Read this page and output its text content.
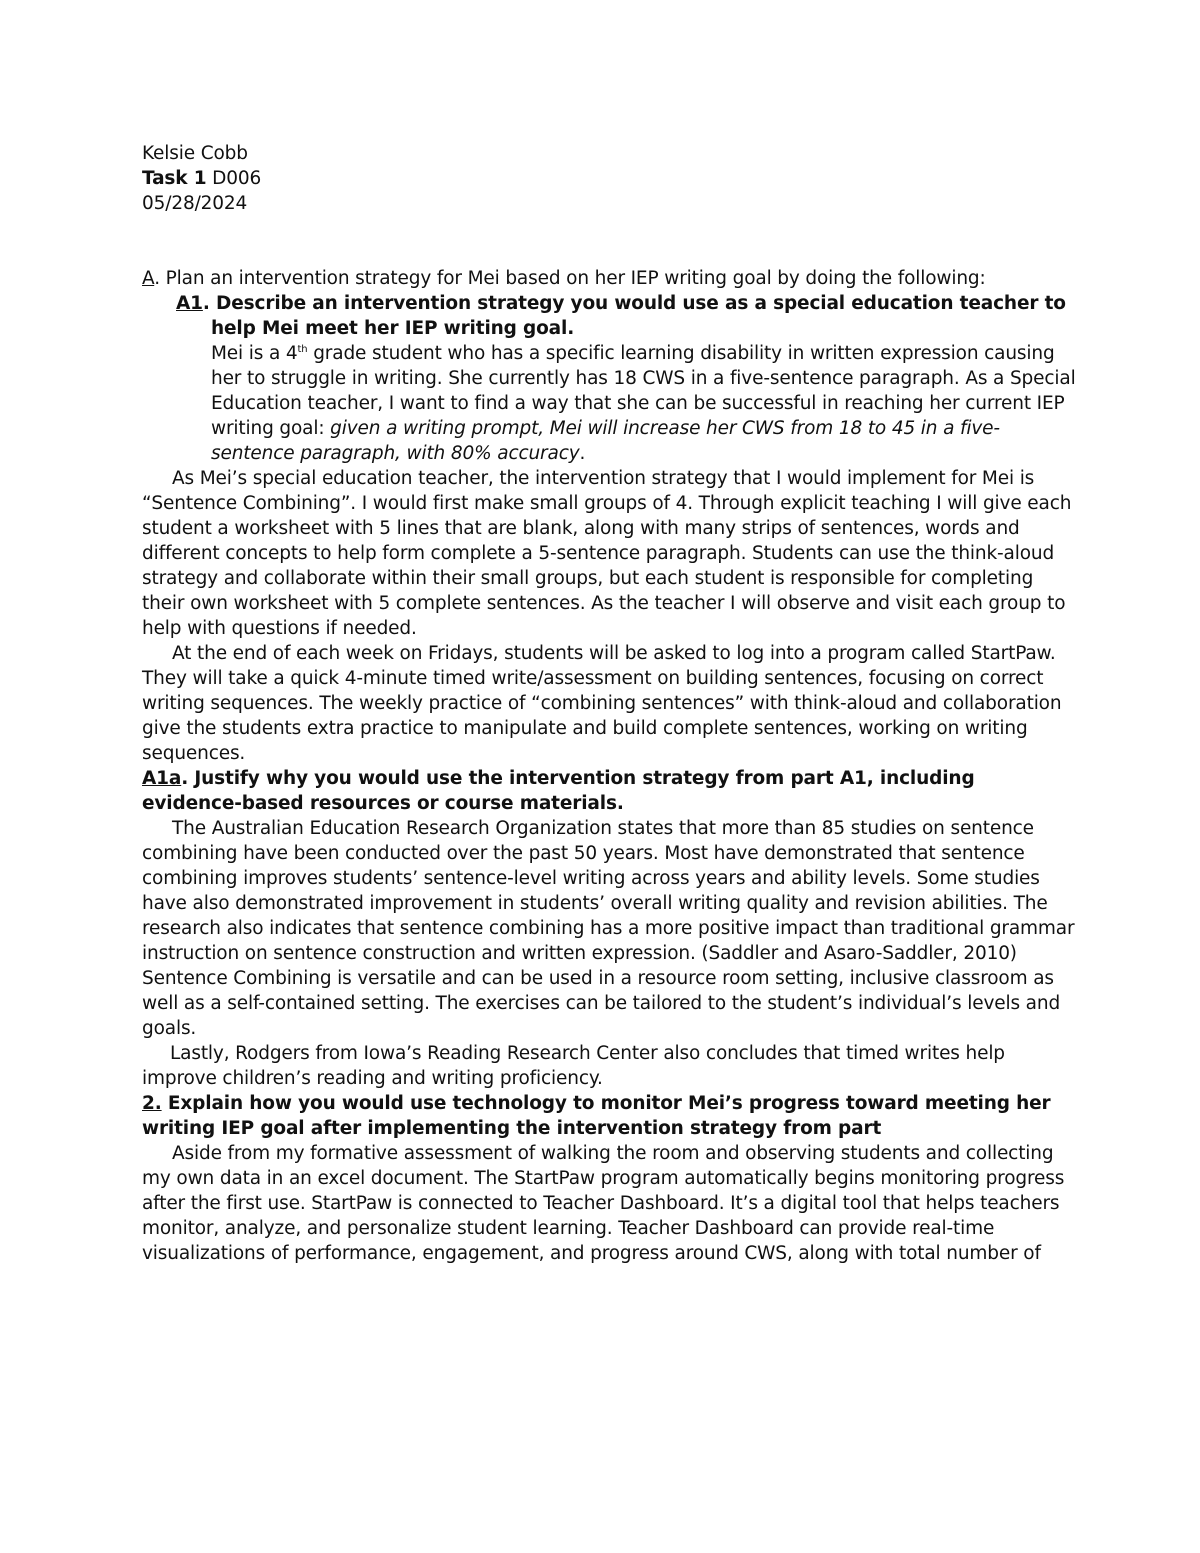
Kelsie Cobb

Task 1 D006

05/28/2024

A. Plan an intervention strategy for Mei based on her IEP writing goal by doing the following:

A1. Describe an intervention strategy you would use as a special education teacher to help Mei meet her IEP writing goal.

Mei is a 4th grade student who has a specific learning disability in written expression causing her to struggle in writing. She currently has 18 CWS in a five-sentence paragraph. As a Special Education teacher, I want to find a way that she can be successful in reaching her current IEP writing goal: given a writing prompt, Mei will increase her CWS from 18 to 45 in a five-sentence paragraph, with 80% accuracy.

As Mei’s special education teacher, the intervention strategy that I would implement for Mei is “Sentence Combining”. I would first make small groups of 4. Through explicit teaching I will give each student a worksheet with 5 lines that are blank, along with many strips of sentences, words and different concepts to help form complete a 5-sentence paragraph. Students can use the think-aloud strategy and collaborate within their small groups, but each student is responsible for completing their own worksheet with 5 complete sentences. As the teacher I will observe and visit each group to help with questions if needed.

At the end of each week on Fridays, students will be asked to log into a program called StartPaw. They will take a quick 4-minute timed write/assessment on building sentences, focusing on correct writing sequences. The weekly practice of “combining sentences” with think-aloud and collaboration give the students extra practice to manipulate and build complete sentences, working on writing sequences.

A1a. Justify why you would use the intervention strategy from part A1, including evidence-based resources or course materials.

The Australian Education Research Organization states that more than 85 studies on sentence combining have been conducted over the past 50 years. Most have demonstrated that sentence combining improves students’ sentence-level writing across years and ability levels. Some studies have also demonstrated improvement in students’ overall writing quality and revision abilities. The research also indicates that sentence combining has a more positive impact than traditional grammar instruction on sentence construction and written expression. (Saddler and Asaro-Saddler, 2010) Sentence Combining is versatile and can be used in a resource room setting, inclusive classroom as well as a self-contained setting. The exercises can be tailored to the student’s individual’s levels and goals.

Lastly, Rodgers from Iowa’s Reading Research Center also concludes that timed writes help improve children’s reading and writing proficiency.

2. Explain how you would use technology to monitor Mei’s progress toward meeting her writing IEP goal after implementing the intervention strategy from part

Aside from my formative assessment of walking the room and observing students and collecting my own data in an excel document. The StartPaw program automatically begins monitoring progress after the first use. StartPaw is connected to Teacher Dashboard. It’s a digital tool that helps teachers monitor, analyze, and personalize student learning. Teacher Dashboard can provide real-time visualizations of performance, engagement, and progress around CWS, along with total number of
